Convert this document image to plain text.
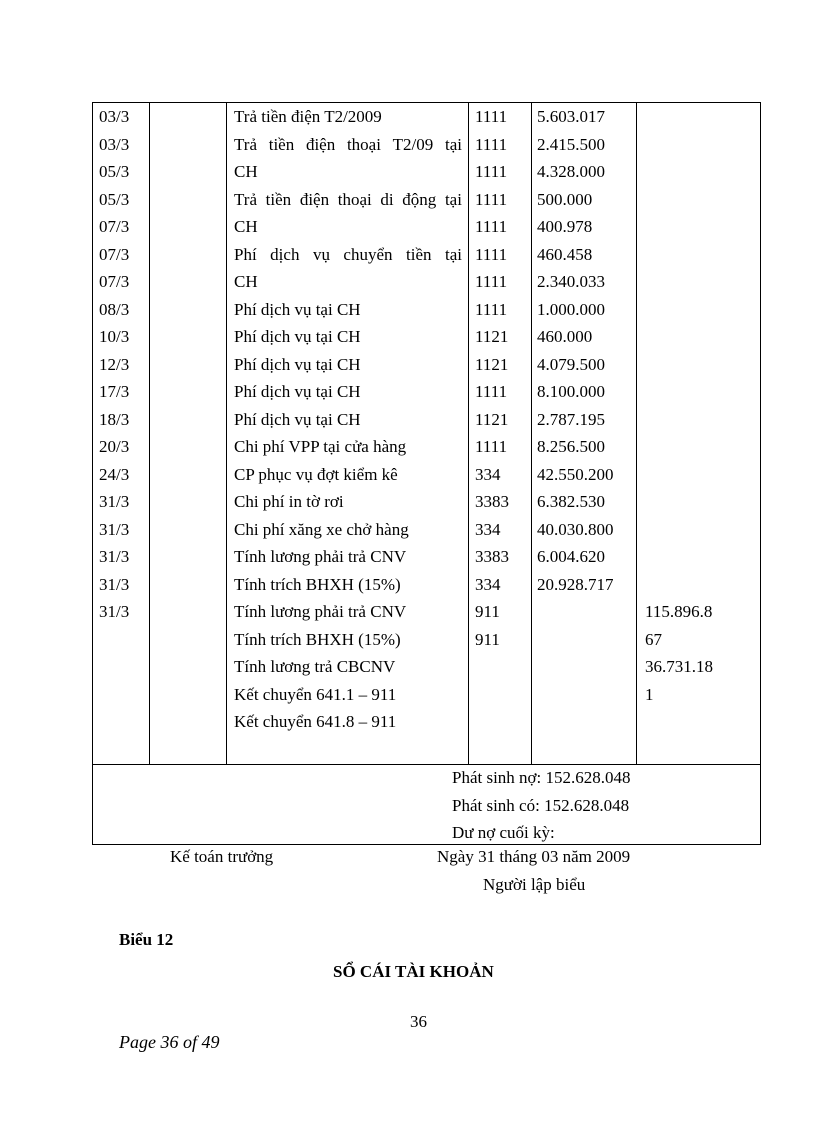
03/3
03/3
05/3
05/3
07/3
07/3
07/3
08/3
10/3
12/3
17/3
18/3
20/3
24/3
31/3
31/3
31/3
31/3
31/3
Trả tiền điện T2/2009
Trả tiền điện thoại T2/09 tại
CH
Trả tiền điện thoại di động tại
CH
Phí dịch vụ chuyển tiền tại
CH
Phí dịch vụ tại CH
Phí dịch vụ tại CH
Phí dịch vụ tại CH
Phí dịch vụ tại CH
Phí dịch vụ tại CH
Chi phí VPP tại cửa hàng
CP phục vụ đợt kiểm kê
Chi phí in tờ rơi
Chi phí xăng xe chở hàng
Tính lương phải trả CNV
Tính trích BHXH (15%)
Tính lương phải trả CNV
Tính trích BHXH (15%)
Tính lương trả CBCNV
Kết chuyển 641.1 – 911
Kết chuyển 641.8 – 911
1111
1111
1111
1111
1111
1111
1111
1111
1121
1121
1111
1121
1111
334
3383
334
3383
334
911
911
5.603.017
2.415.500
4.328.000
500.000
400.978
460.458
2.340.033
1.000.000
460.000
4.079.500
8.100.000
2.787.195
8.256.500
42.550.200
6.382.530
40.030.800
6.004.620
20.928.717
115.896.8
67
36.731.18
1
Phát sinh nợ: 152.628.048
Phát sinh có: 152.628.048
Dư nợ cuối kỳ:
Kế toán trưởng	Ngày 31 tháng 03 năm 2009
Người lập biểu
Biểu 12
SỔ CÁI TÀI KHOẢN
36
Page 36 of 49
